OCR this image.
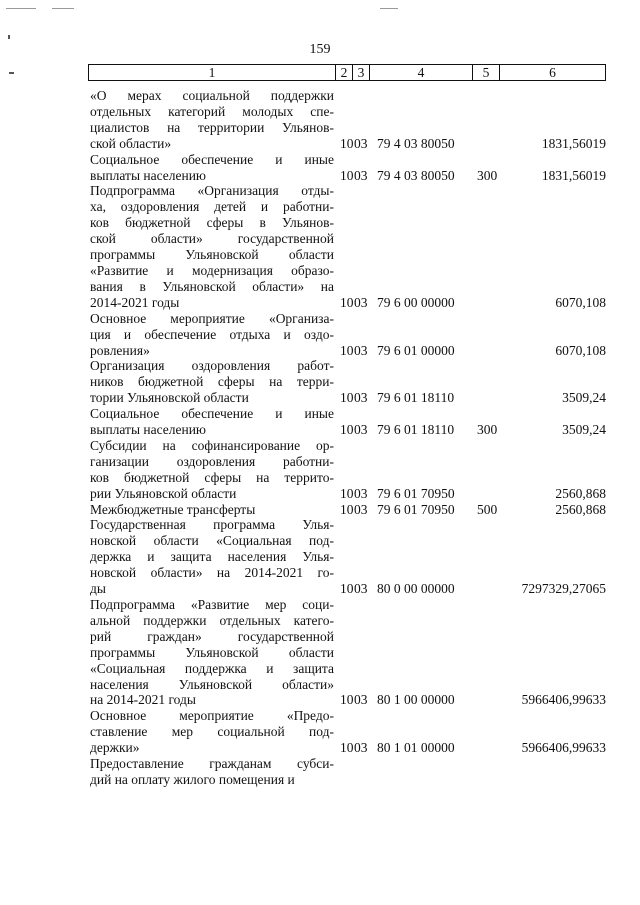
159
1	2 3	4	5	6
«О мерах социальной поддержки
отдельных категорий молодых спе-
циалистов на территории Ульянов-
ской области»	10 03 79 4 03 80050	1831,56019
Социальное обеспечение и иные
выплаты населению	10 03 79 4 03 80050	300	1831,56019
Подпрограмма «Организация отды-
ха, оздоровления детей и работни-
ков бюджетной сферы в Ульянов-
ской области» государственной
программы Ульяновской области
«Развитие и модернизация образо-
вания в Ульяновской области» на
2014-2021 годы	10 03 79 6 00 00000	6070,108
Основное мероприятие «Организа-
ция и обеспечение отдыха и оздо-
ровления»	10 03 79 6 01 00000	6070,108
Организация оздоровления работ-
ников бюджетной сферы на терри-
тории Ульяновской области	10 03 79 6 01 18110	3509,24
Социальное обеспечение и иные
выплаты населению	10 03 79 6 01 18110	300	3509,24
Субсидии на софинансирование ор-
ганизации оздоровления работни-
ков бюджетной сферы на террито-
рии Ульяновской области	10 03 79 6 01 70950	2560,868
Межбюджетные трансферты	10 03 79 6 01 70950	500	2560,868
Государственная программа Улья-
новской области «Социальная под-
держка и защита населения Улья-
новской области» на 2014-2021 го-
ды	10 03 80 0 00 00000	7297329,27065
Подпрограмма «Развитие мер соци-
альной поддержки отдельных катего-
рий граждан» государственной
программы Ульяновской области
«Социальная поддержка и защита
населения Ульяновской области»
на 2014-2021 годы	10 03 80 1 00 00000	5966406,99633
Основное мероприятие «Предо-
ставление мер социальной под-
держки»	10 03 80 1 01 00000	5966406,99633
Предоставление гражданам субси-
дий на оплату жилого помещения и
